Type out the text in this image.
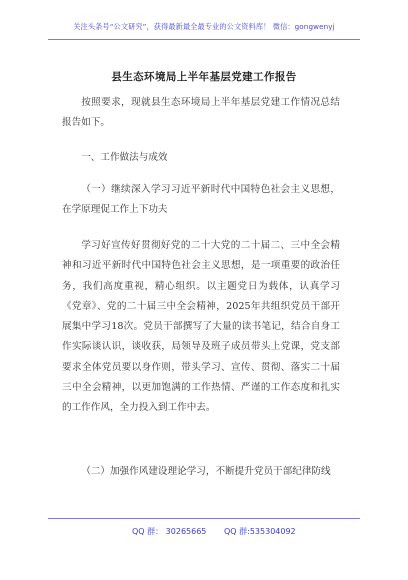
关注头条号“公文研究”，获得最新最全最专业的公文资料库！ 微信：gongwenyj
县生态环境局上半年基层党建工作报告

按照要求，现就县生态环境局上半年基层党建工作情况总结报告如下。

一、工作做法与成效

（一）继续深入学习习近平新时代中国特色社会主义思想，在学原理促工作上下功夫

学习好宣传好贯彻好党的二十大党的二十届二、三中全会精神和习近平新时代中国特色社会主义思想，是一项重要的政治任务，我们高度重视，精心组织。以主题党日为载体，认真学习《党章》、党的二十届三中全会精神，2025年共组织党员干部开展集中学习18次。党员干部撰写了大量的读书笔记，结合自身工作实际谈认识，谈收获，局领导及班子成员带头上党课，党支部要求全体党员要以身作则，带头学习、宣传、贯彻、落实二十届三中全会精神，以更加饱满的工作热情、严谨的工作态度和扎实的工作作风，全力投入到工作中去。

（二）加强作风建设理论学习，不断提升党员干部纪律防线

QQ 群： 30265665 QQ 群:535304092
